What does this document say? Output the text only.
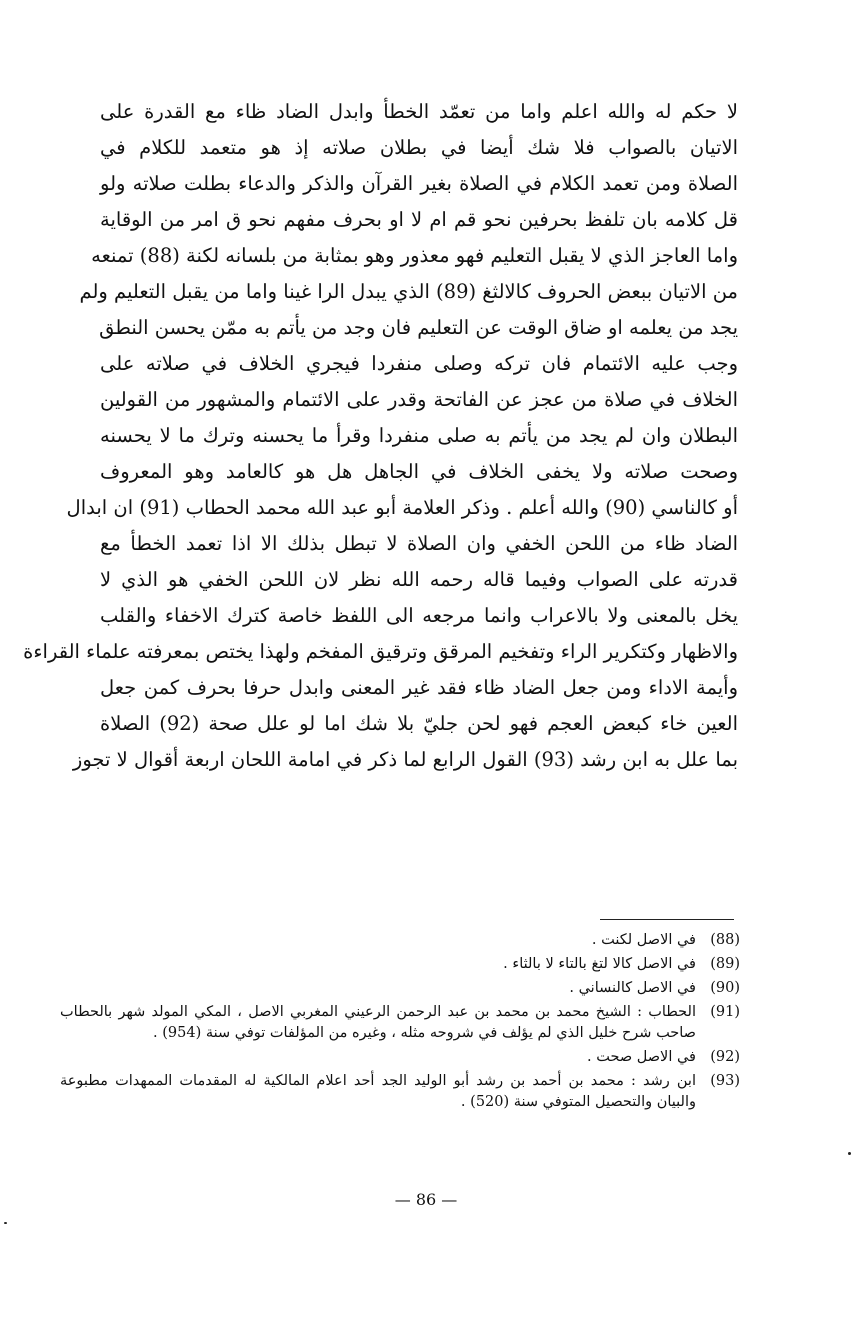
لا حكم له والله اعلم واما من تعمّد الخطأ وابدل الضاد ظاء مع القدرة على
الاتيان بالصواب فلا شك أيضا في بطلان صلاته إذ هو متعمد للكلام في
الصلاة ومن تعمد الكلام في الصلاة بغير القرآن والذكر والدعاء بطلت صلاته ولو
قل كلامه بان تلفظ بحرفين نحو قم ام لا او بحرف مفهم نحو ق امر من الوقاية
واما العاجز الذي لا يقبل التعليم فهو معذور وهو بمثابة من بلسانه لكنة (88) تمنعه
من الاتيان ببعض الحروف كالالثغ (89) الذي يبدل الرا غينا واما من يقبل التعليم ولم
يجد من يعلمه او ضاق الوقت عن التعليم فان وجد من يأتم به ممّن يحسن النطق
وجب عليه الائتمام فان تركه وصلى منفردا فيجري الخلاف في صلاته على
الخلاف في صلاة من عجز عن الفاتحة وقدر على الائتمام والمشهور من القولين
البطلان وان لم يجد من يأتم به صلى منفردا وقرأ ما يحسنه وترك ما لا يحسنه
وصحت صلاته ولا يخفى الخلاف في الجاهل هل هو كالعامد وهو المعروف
أو كالناسي (90) والله أعلم . وذكر العلامة أبو عبد الله محمد الحطاب (91) ان ابدال
الضاد ظاء من اللحن الخفي وان الصلاة لا تبطل بذلك الا اذا تعمد الخطأ مع
قدرته على الصواب وفيما قاله رحمه الله نظر لان اللحن الخفي هو الذي لا
يخل بالمعنى ولا بالاعراب وانما مرجعه الى اللفظ خاصة كترك الاخفاء والقلب
والاظهار وكتكرير الراء وتفخيم المرقق وترقيق المفخم ولهذا يختص بمعرفته علماء القراءة
وأيمة الاداء ومن جعل الضاد ظاء فقد غير المعنى وابدل حرفا بحرف كمن جعل
العين خاء كبعض العجم فهو لحن جليّ بلا شك اما لو علل صحة (92) الصلاة
بما علل به ابن رشد (93) القول الرابع لما ذكر في امامة اللحان اربعة أقوال لا تجوز
(88)
في الاصل لكنت .
(89)
في الاصل كالا لتغ بالتاء لا بالثاء .
(90)
في الاصل كالنساني .
(91)
الحطاب : الشيخ محمد بن محمد بن عبد الرحمن الرعيني المغربي الاصل ، المكي المولد شهر بالحطاب صاحب شرح خليل الذي لم يؤلف في شروحه مثله ، وغيره من المؤلفات توفي سنة (954) .
(92)
في الاصل صحت .
(93)
ابن رشد : محمد بن أحمد بن رشد أبو الوليد الجد أحد اعلام المالكية له المقدمات الممهدات مطبوعة والبيان والتحصيل المتوفي سنة (520) .
— 86 —
